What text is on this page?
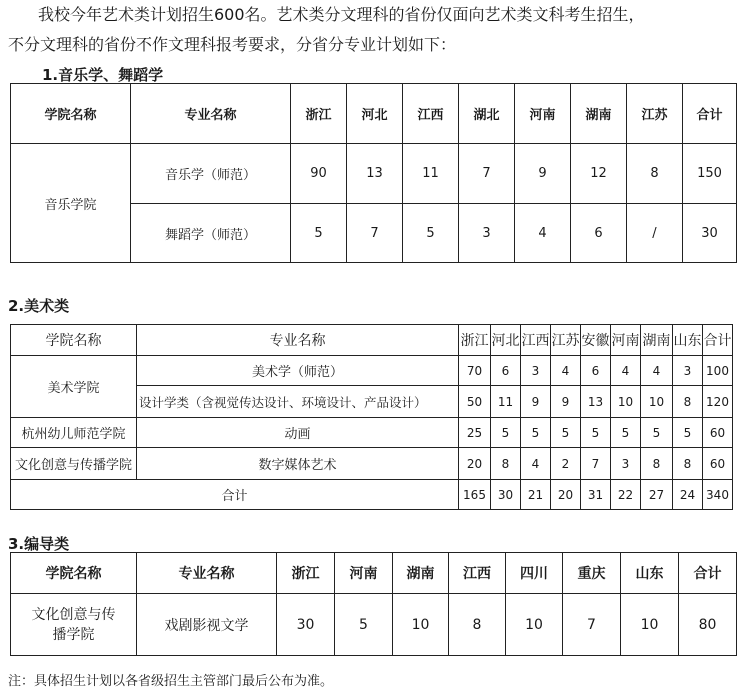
我校今年艺术类计划招生600名。艺术类分文理科的省份仅面向艺术类文科考生招生，
不分文理科的省份不作文理科报考要求，分省分专业计划如下：
1.音乐学、舞蹈学
学院名称	专业名称	浙江	河北	江西	湖北	河南	湖南	江苏	合计
音乐学院	音乐学（师范）	90	13	11	7	9	12	8	150
	舞蹈学（师范）	5	7	5	3	4	6	/	30
2.美术类
学院名称	专业名称	浙江	河北	江西	江苏	安徽	河南	湖南	山东	合计
美术学院	美术学（师范）	70	6	3	4	6	4	4	3	100
	设计学类（含视觉传达设计、环境设计、产品设计）	50	11	9	9	13	10	10	8	120
杭州幼儿师范学院	动画	25	5	5	5	5	5	5	5	60
文化创意与传播学院	数字媒体艺术	20	8	4	2	7	3	8	8	60
合计		165	30	21	20	31	22	27	24	340
3.编导类
学院名称	专业名称	浙江	河南	湖南	江西	四川	重庆	山东	合计
文化创意与传播学院	戏剧影视文学	30	5	10	8	10	7	10	80
注：具体招生计划以各省级招生主管部门最后公布为准。
